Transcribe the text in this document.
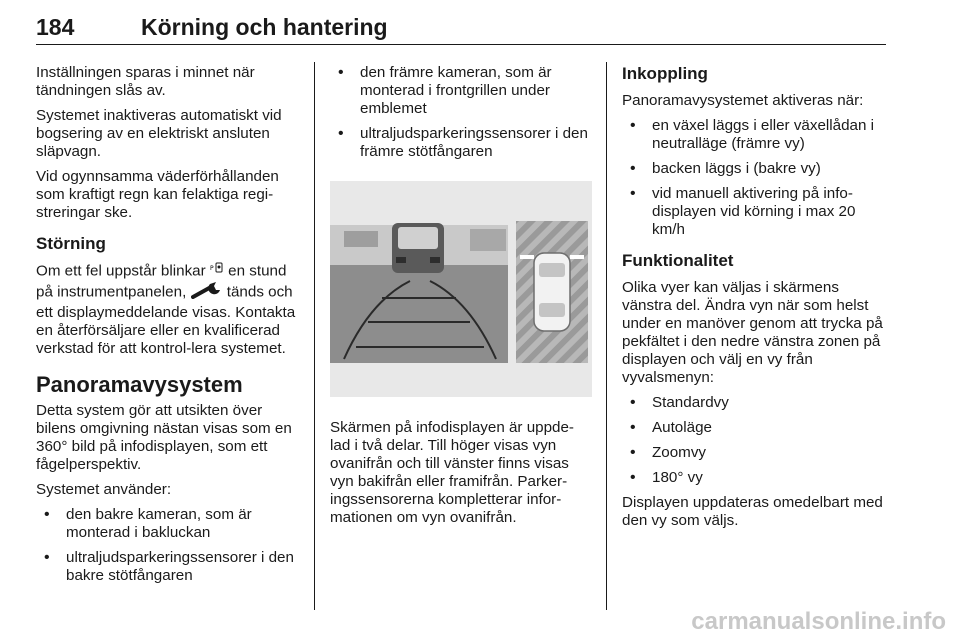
184	Körning och hantering

Inställningen sparas i minnet när tändningen slås av.

Systemet inaktiveras automatiskt vid bogsering av en elektriskt ansluten släpvagn.

Vid ogynnsamma väderförhållanden som kraftigt regn kan felaktiga regi-streringar ske.

Störning

Om ett fel uppstår blinkar P en stund på instrumentpanelen,	tänds och ett displaymeddelande visas. Kontakta en återförsäljare eller en kvalificerad verkstad för att kontrol-lera systemet.

Panoramavysystem

Detta system gör att utsikten över bilens omgivning nästan visas som en 360° bild på infodisplayen, som ett fågelperspektiv.

Systemet använder:

• den bakre kameran, som är monterad i bakluckan
• ultraljudsparkeringssensorer i den bakre stötfångaren
• den främre kameran, som är monterad i frontgrillen under emblemet
• ultraljudsparkeringssensorer i den främre stötfångaren

Skärmen på infodisplayen är uppde-lad i två delar. Till höger visas vyn ovanifrån och till vänster finns visas vyn bakifrån eller framifrån. Parker-ingssensorerna kompletterar infor-mationen om vyn ovanifrån.

Inkoppling

Panoramavysystemet aktiveras när:

• en växel läggs i eller växellådan i neutralläge (främre vy)
• backen läggs i (bakre vy)
• vid manuell aktivering på info-displayen vid körning i max 20 km/h
Funktionalitet

Olika vyer kan väljas i skärmens vänstra del. Ändra vyn när som helst under en manöver genom att trycka på pekfältet i den nedre vänstra zonen på displayen och välj en vy från vyvalsmenyn:

• Standardvy
• Autoläge
• Zoomvy
• 180° vy

Displayen uppdateras omedelbart med den vy som väljs.

carmanualsonline.info
